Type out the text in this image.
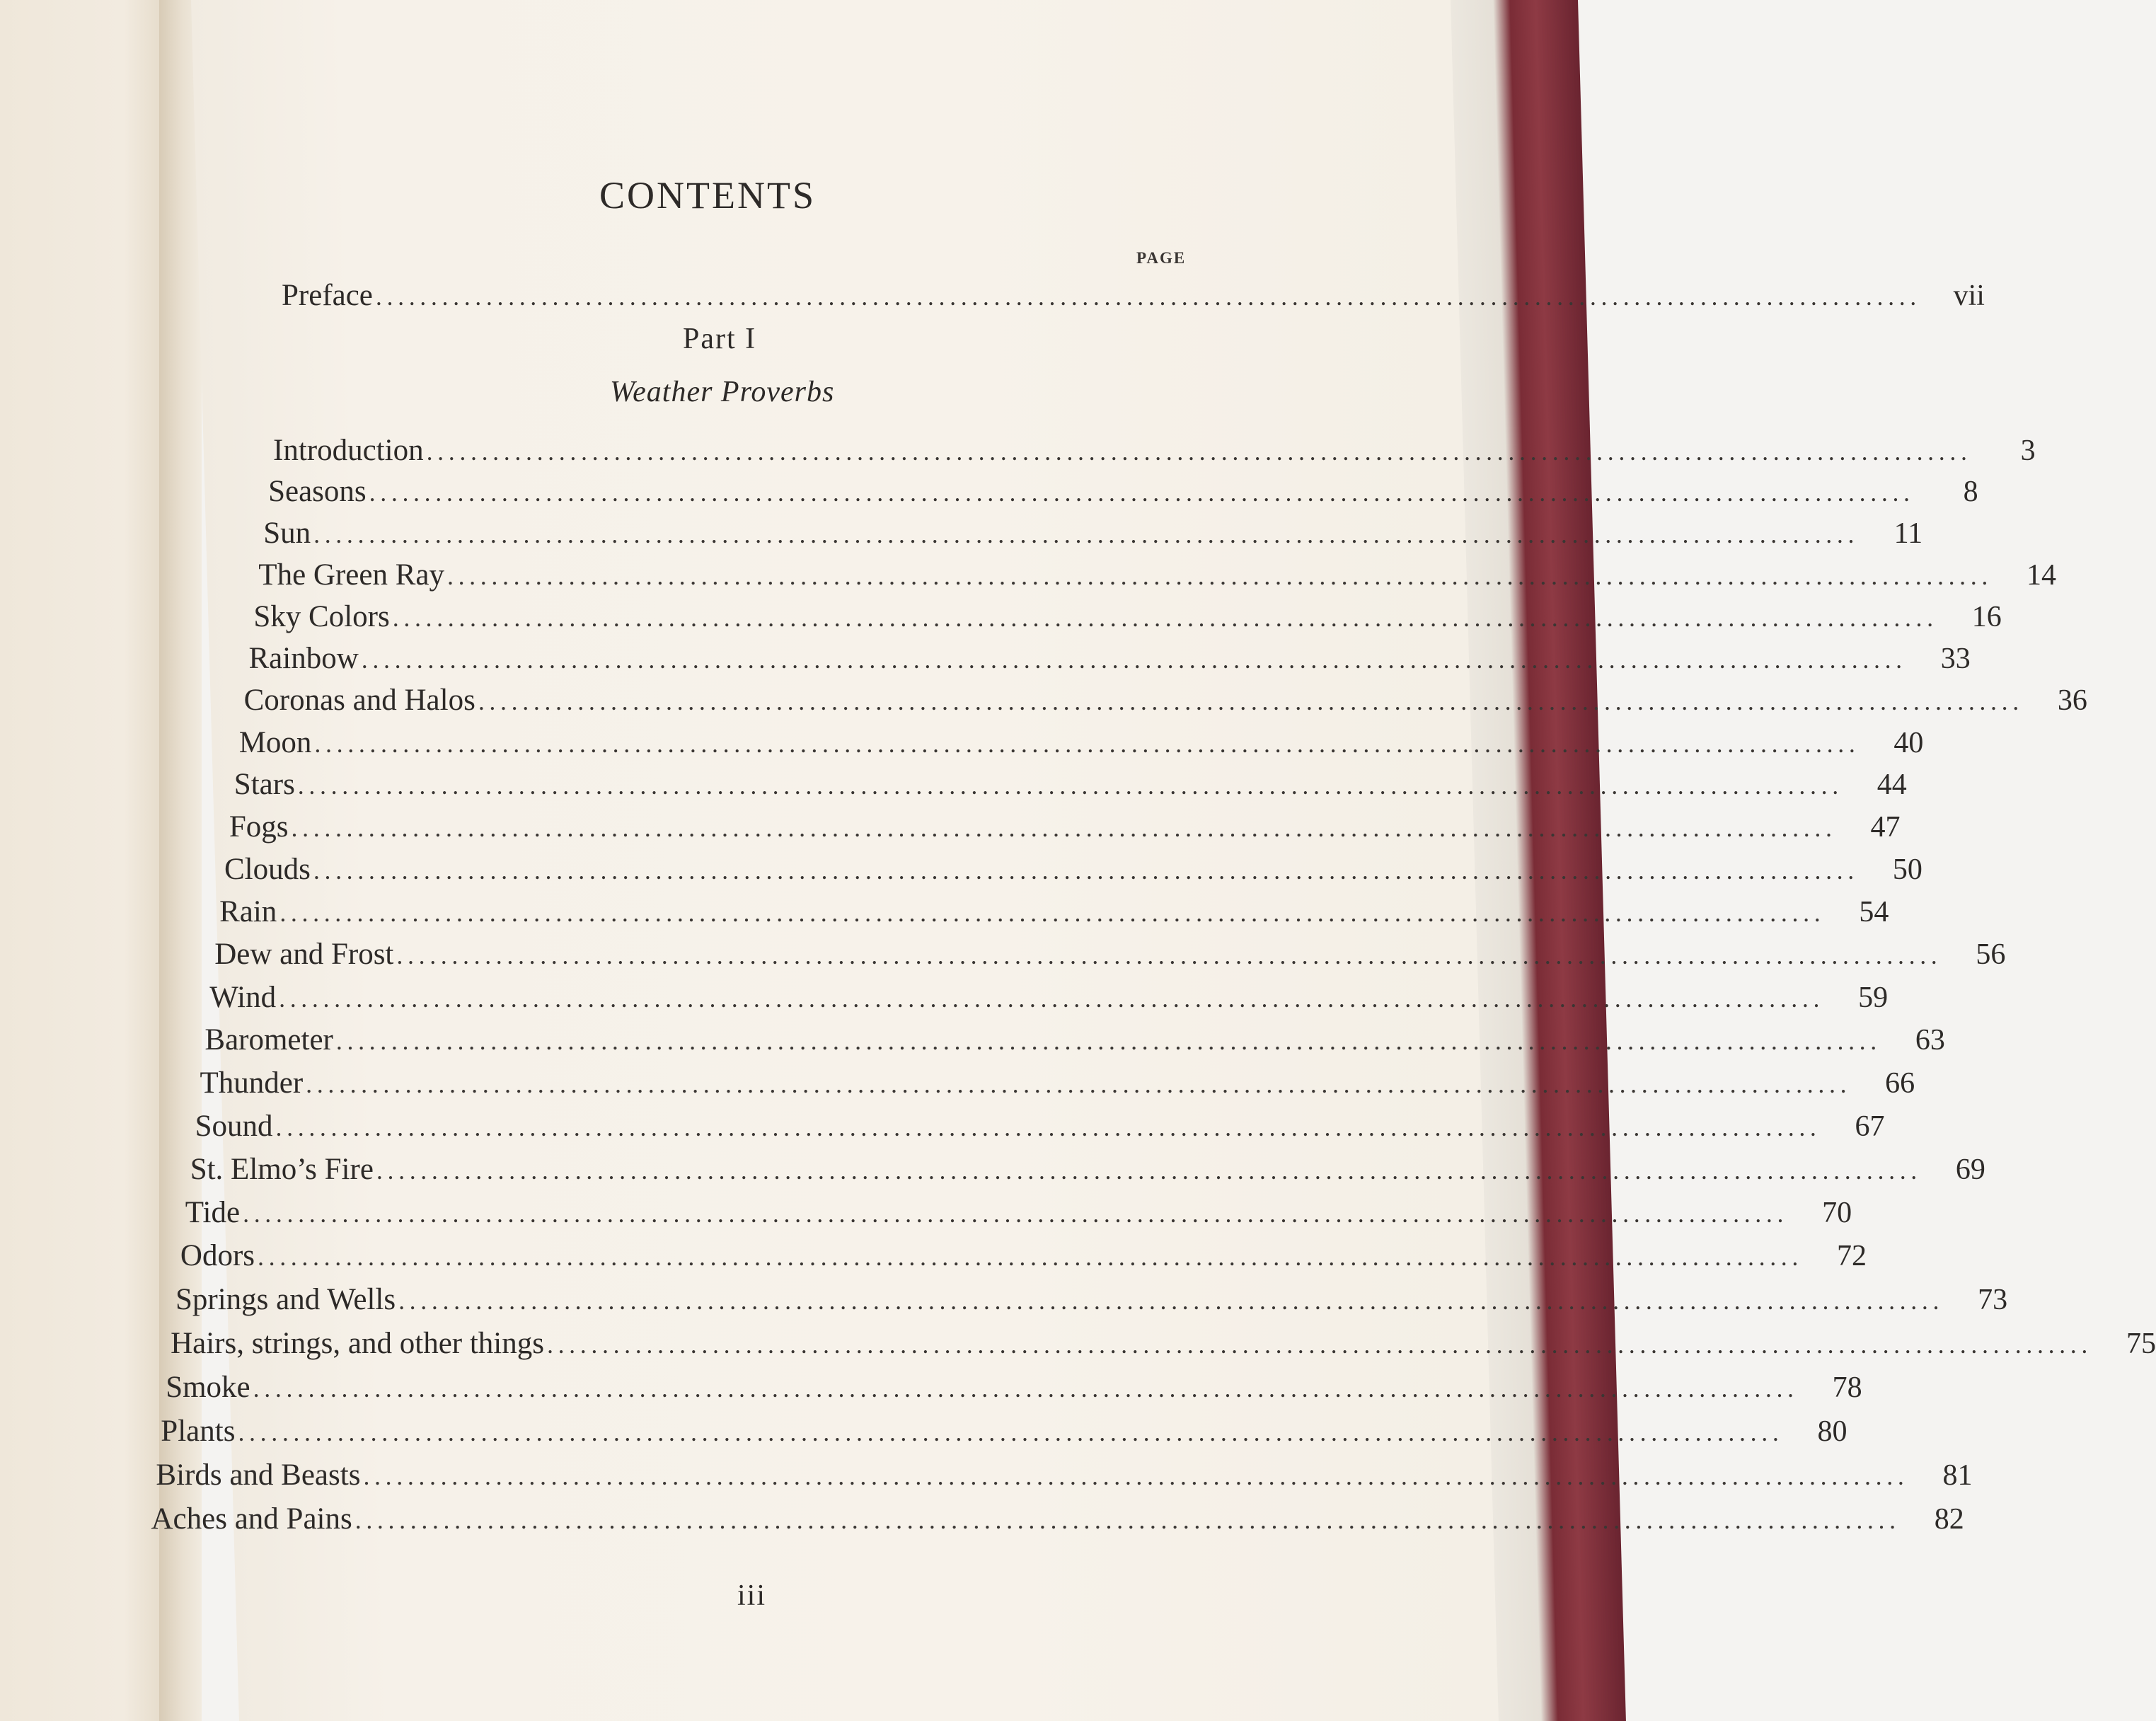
CONTENTS
PAGE
Preface ............................................................................................................................................	vii
Part I
Weather Proverbs
Introduction ............................................................................................................................................	3
Seasons ............................................................................................................................................	8
Sun ............................................................................................................................................	11
The Green Ray ............................................................................................................................................	14
Sky Colors ............................................................................................................................................	16
Rainbow ............................................................................................................................................	33
Coronas and Halos ............................................................................................................................................	36
Moon ............................................................................................................................................	40
Stars ............................................................................................................................................	44
Fogs ............................................................................................................................................	47
Clouds ............................................................................................................................................	50
Rain ............................................................................................................................................	54
Dew and Frost ............................................................................................................................................	56
Wind ............................................................................................................................................	59
Barometer ............................................................................................................................................	63
Thunder ............................................................................................................................................	66
Sound ............................................................................................................................................	67
St. Elmo’s Fire ............................................................................................................................................	69
Tide ............................................................................................................................................	70
Odors ............................................................................................................................................	72
Springs and Wells ............................................................................................................................................	73
Hairs, strings, and other things ............................................................................................................................................	75
Smoke ............................................................................................................................................	78
Plants ............................................................................................................................................	80
Birds and Beasts ............................................................................................................................................	81
Aches and Pains ............................................................................................................................................	82
iii
